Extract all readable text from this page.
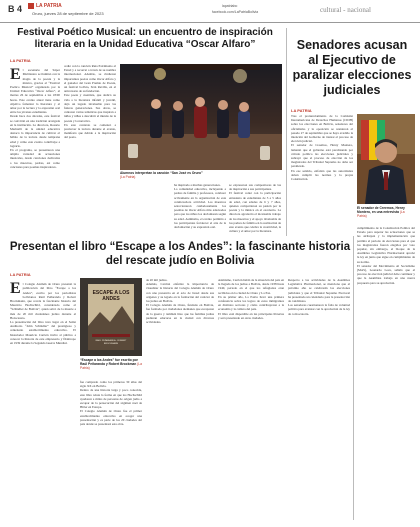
B 4	LA PATRIA
Oruro, jueves 28 de septiembre de 2023
lapatriabo
facebook.com/LaPatriaBolivia	cultural - nacional
Festival Poético Musical: un encuentro de inspiración literaria en la Unidad Educativa “Oscar Alfaro”
LA PATRIA

El escenario del Súper Multiteatro se iluminó con la magia de la poesía y la música, gracias al “Festival Poético Musical” organizado por la Unidad Educativa “Oscar Alfaro”, el martes 26 de septiembre a las 18:00 horas. Este evento anual tiene como objetivo fomentar la literatura y el amor por la lectura y la expresión oral entre los jóvenes estudiantes.
Desde hace dos décadas, este festival se convirtió en una tradición arraigada en la institución. La directora, Rosario Marinelli de la unidad educativa destacó la importancia de cultivar el hábito de la lectura desde temprana edad y cómo este evento contribuye a lograrlo.
En el programa, se presentaron una amplia variedad de actuaciones musicales, desde canciones dedicadas a los maestros, padres, así como canciones para poemas inspiradores.

cedió con la canción Ruta Patrimonio al Estrel y a recorrió a través de su nombre internacional. Además, se rindieron importantes poetas como Oscar Alfaro y el ganador del Gran Premio de Poesía, un festival bolivia, Iván Revilla, en el aniversario de su fundación.
Este poeta y cuentista, que dedicó su vida a la literatura infantil y juvenil, dejó un legado invaluable para las futuras generaciones. Sus obras, se cantaron varias temáticas que inspiran a niños y niñas a descubrir el mundo de la poesía y la narrativa.
En este contexto se comenzó a promover la lectura durante el evento, manifestó que debido a la inspiración del poeta.
Alumnos interpretan la canción “San José es Oruro”
(La Patria)
ha inspirado a muchas generaciones.
La comunidad educativa, incluyendo a padres de familia y profesores, colaboró activamente en la organización de esta conmovedora actividad. Los maestros seleccionaron cuidadosamente los poemas de Oscar Alfaro más adecuados para que los niños los declamaran según su edad. Asimismo, el evento permitió a los participantes fortalecer el arte de la declamación y su expresión oral.
se expresaron sus compositores de las de inspiración a sus participantes.
El festival contó con la participación entusiasta de estudiantes de 3 a 5 años de edad, con edades de 6 y 7 años, quienes compartieron su pasión por la poesía y la música en el escenario. La directora agradeció el incansable trabajo de los maestros y el apoyo invaluable de los padres de familia en la realización de este evento que celebra la creatividad, la cultura y el amor por la literatura.
Senadores acusan al Ejecutivo de paralizar elecciones judiciales
LA PATRIA
Tras el pronunciamiento de la Comisión Interamericana de Derechos Humanos (CIDH) sobre los elecciones en Bolivia, senadores del oficialismo y la oposición se reunieron el pasado 27 de septiembre que se haya evadido la intención del Gobierno de transar el proceso de elección judicial.
El senador de Creemos, Henry Montero, lamentó que el gobierno está paralizando por cálculo político las elecciones judiciales y subrayó que el proceso de elección de los magistrados del Tribunal Supremo no debe ser paralizado.
En ese sentido, enfatizó que las autoridades deben cumplir las normas y la propia Constitución.
El senador de Creemos, Henry Montero, en una entrevista (La Patria)
cumplimiento de la Constitución Política del Estado para superar las actuaciones que se les atribuyen y la implementación que permita el periodo de elecciones para el que los magistrados fueron elegidos por voto popular, sin embargo, el bloque de la Asamblea Legislativa Plurinacional aprobó la ley en junio que sigue en cumplimiento de su norma.
El senador del Movimiento Al Socialismo (MAS), Leonardo Loza, señaló que el proceso de elección judicial debe continuar y que la Asamblea trabaja en una nueva propuesta para su aprobación.
Presentan el libro “Escape a los Andes”: la fascinante historia del rescate judío en Bolivia
LA PATRIA

El Colegio Alemán de Oruro presentó la publicación del libro “Escape a los Andes”, escrito por los periodistas bolivianos Raúl Peñaranda y Robert Brockmann, que revela la fascinante historia del Mauricio Hochschild, considerado como el “Schindler de Bolivia”, quien salvó de la muerte a más de 20 mil ciudadanos judíos durante el Holocausto.
La presentación del libro tuvo lugar en el Salón Auditorio “John Schindler” del prestigioso y centenario establecimiento educativo. El historiador Mauricio Carrión invitó al público a conocer la historia de este empresario y filántropo en 1939 durante la Segunda Guerra Mundial.

ESCAPE A LOS ANDES
RAÚL PEÑARANDA · ROBERT BROCKMANN
“Escape a los Andes” fue escrito por Raúl Peñaranda y Robert Brockman (La Patria)
fue comprado como los primeros 30 años del siglo XX en Bolivia.
Dentro de una historia larga y poco conocida, este libro relata la forma en que los Hochschild ayudaron a miles de personas de origen judío a escapar de la persecución del régimen nazi de Hitler en Europa.
El Colegio Alemán de Oruro fue el primer establecimiento educativo en acoger una presentación y es parte de los 20 ciudades del país donde se presentará esta obra.
de 20 mil judíos.
Además, Carrión enfatizó la importancia de visualizar la historia del Colegio Alemán de Oruro con una presencia en el acto de Israel desde sus orígenes y su legado en la formación del carácter de los judíos en Bolivia.
El Colegio Alemán de Oruro, fundado en Bolivia, fue formado por ciudadanos alemanes que escaparon de la guerra y también hizo que las familias judías pudieran educarse en la ciudad con diversas actividades.
Asimismo, Carrión habló de la situación del país en la llegada de los judíos a Bolivia, desde 1938 hasta 1940, período en el que los refugiados eran recibidos en la ciudad de Oruro y La Paz.
En su primer año, La Patria llevó una primera conferencia sobre los logros de estos inmigrantes en distintos sectores y cómo contribuyeron a la economía y la cultura del país.
El libro está disponible en las principales librerías y será presentado en otras ciudades.
Respecto a las actividades de la Asamblea Legislativa Plurinacional, se menciona que el próximo año se celebrarán las elecciones judiciales y que el Tribunal Supremo Electoral ha presentado un calendario para la preselección de candidatos.
Los senadores cuestionaron la falta de voluntad política para avanzar con la aprobación de la ley de convocatoria.
